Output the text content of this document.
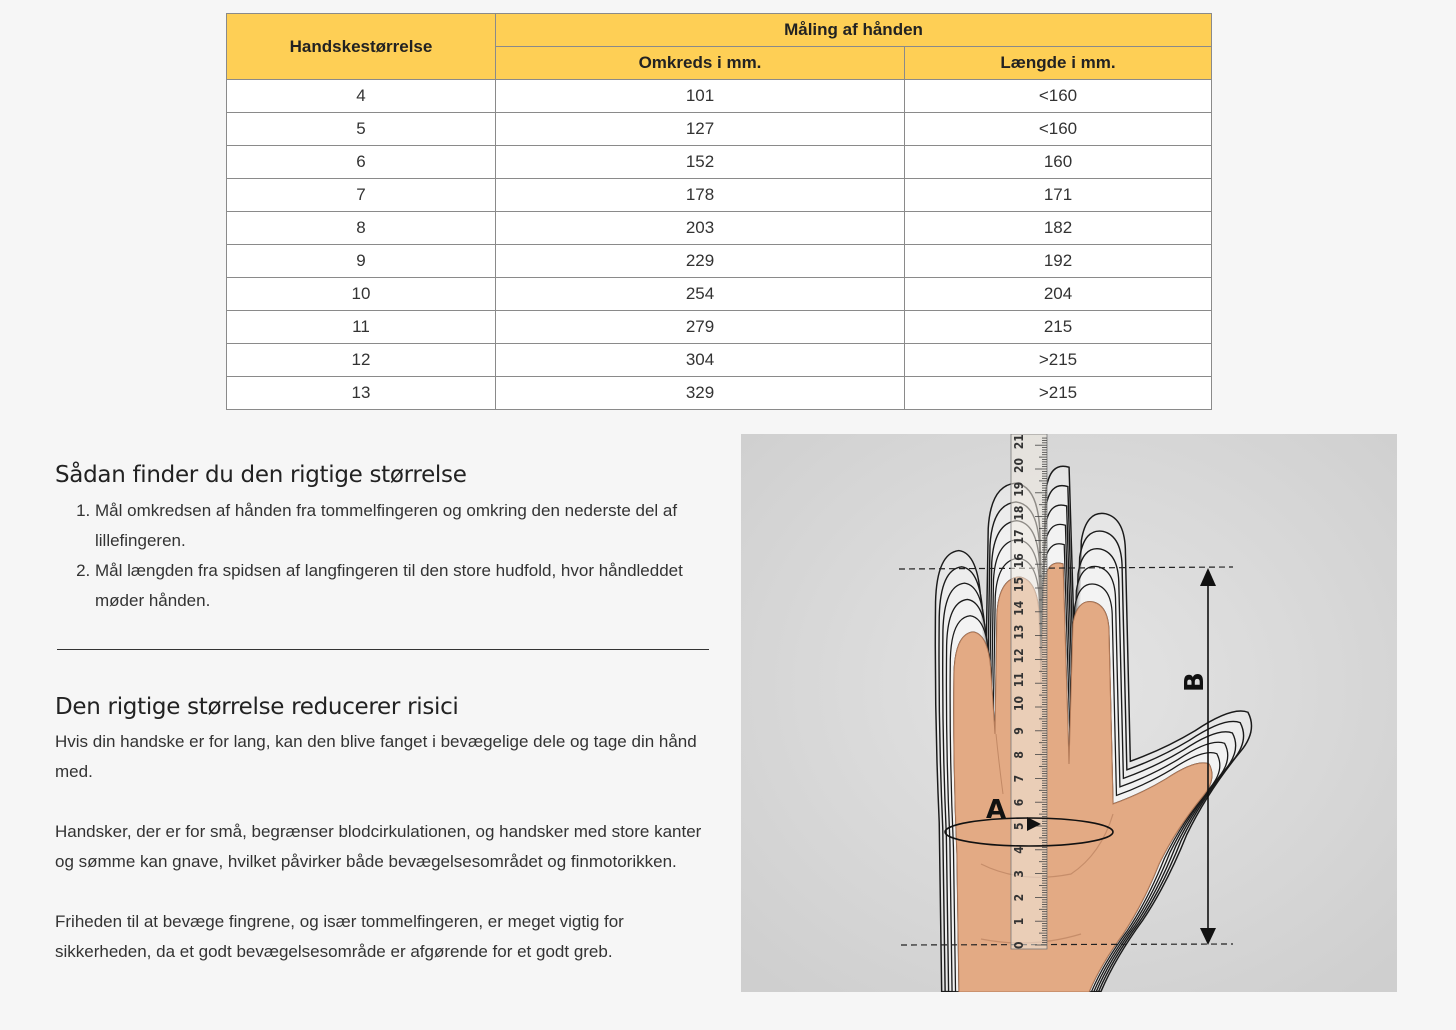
Handskestørrelse	Måling af hånden	
	Omkreds i mm.	Længde i mm.
4	101	<160
5	127	<160
6	152	160
7	178	171
8	203	182
9	229	192
10	254	204
11	279	215
12	304	>215
13	329	>215
Sådan finder du den rigtige størrelse
1. Mål omkredsen af hånden fra tommelfingeren og omkring den nederste del af lillefingeren.
2. Mål længden fra spidsen af langfingeren til den store hudfold, hvor håndleddet møder hånden.
Den rigtige størrelse reducerer risici

Hvis din handske er for lang, kan den blive fanget i bevægelige dele og tage din hånd med.

Handsker, der er for små, begrænser blodcirkulationen, og handsker med store kanter og sømme kan gnave, hvilket påvirker både bevægelsesområdet og finmotorikken.

Friheden til at bevæge fingrene, og især tommelfingeren, er meget vigtig for sikkerheden, da et godt bevægelsesområde er afgørende for et godt greb.	0
1
2
3
4
5
6
7
8
9
10
11
12
13
14
15
16
17
18
19
20
21
A
B
